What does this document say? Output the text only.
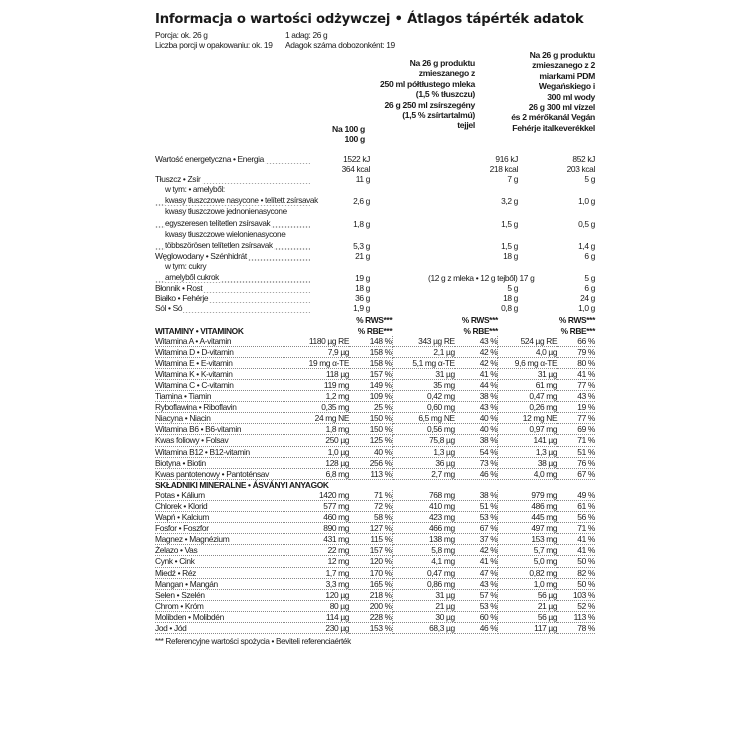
Informacja o wartości odżywczej • Átlagos tápérték adatok
Porcja: ok. 26 g	1 adag: 26 g
Liczba porcji w opakowaniu: ok. 19 Adagok száma dobozonként: 19
Na 100 g
100 g
Na 26 g produktu
zmieszanego z
250 ml półtłustego mleka
(1,5 % tłuszczu)
26 g 250 ml zsírszegény
(1,5 % zsírtartalmú)
tejjel
Na 26 g produktu
zmieszanego z 2
miarkami PDM
Wegańskiego i
300 ml wody
26 g 300 ml vízzel
és 2 mérőkanál Vegán
Fehérje italkeverékkel
Wartość energetyczna • Energia	1522 kJ		916 kJ	852 kJ
	364 kcal		218 kcal	203 kcal
Tłuszcz • Zsír	11 g		7 g	5 g
w tym: • amelyből:				
kwasy tłuszczowe nasycone • telített zsírsavak	2,6 g		3,2 g	1,0 g
kwasy tłuszczowe jednonienasycone				
egyszeresen telítetlen zsírsavak	1,8 g		1,5 g	0,5 g
kwasy tłuszczowe wielonienasycone				
többszörösen telítetlen zsírsavak	5,3 g		1,5 g	1,4 g
Węglowodany • Szénhidrát	21 g		18 g	6 g
w tym: cukry				
amelyből cukrok	19 g		(12 g z mleka • 12 g tejből) 17 g	5 g
Błonnik • Rost	18 g		5 g	6 g
Białko • Fehérje	36 g		18 g	24 g
Sól • Só	1,9 g		0,8 g	1,0 g
		% RWS***		% RWS***		% RWS***
WITAMINY • VITAMINOK		% RBE***		% RBE***		% RBE***
Witamina A • A-vitamin	1180 µg RE	148 %	343 µg RE	43 %	524 µg RE	66 %
Witamina D • D-vitamin	7,9 µg	158 %	2,1 µg	42 %	4,0 µg	79 %
Witamina E • E-vitamin	19 mg α-TE	158 %	5,1 mg α-TE	42 %	9,6 mg α-TE	80 %
Witamina K • K-vitamin	118 µg	157 %	31 µg	41 %	31 µg	41 %
Witamina C • C-vitamin	119 mg	149 %	35 mg	44 %	61 mg	77 %
Tiamina • Tiamin	1,2 mg	109 %	0,42 mg	38 %	0,47 mg	43 %
Ryboflawina • Riboflavin	0,35 mg	25 %	0,60 mg	43 %	0,26 mg	19 %
Niacyna • Niacin	24 mg NE	150 %	6,5 mg NE	40 %	12 mg NE	77 %
Witamina B6 • B6-vitamin	1,8 mg	150 %	0,56 mg	40 %	0,97 mg	69 %
Kwas foliowy • Folsav	250 µg	125 %	75,8 µg	38 %	141 µg	71 %
Witamina B12 • B12-vitamin	1,0 µg	40 %	1,3 µg	54 %	1,3 µg	51 %
Biotyna • Biotin	128 µg	256 %	36 µg	73 %	38 µg	76 %
Kwas pantotenowy • Pantoténsav	6,8 mg	113 %	2,7 mg	46 %	4,0 mg	67 %
SKŁADNIKI MINERALNE • ÁSVÁNYI ANYAGOK						
Potas • Kálium	1420 mg	71 %	768 mg	38 %	979 mg	49 %
Chlorek • Klorid	577 mg	72 %	410 mg	51 %	486 mg	61 %
Wapń • Kalcium	460 mg	58 %	423 mg	53 %	445 mg	56 %
Fosfor • Foszfor	890 mg	127 %	466 mg	67 %	497 mg	71 %
Magnez • Magnézium	431 mg	115 %	138 mg	37 %	153 mg	41 %
Żelazo • Vas	22 mg	157 %	5,8 mg	42 %	5,7 mg	41 %
Cynk • Cink	12 mg	120 %	4,1 mg	41 %	5,0 mg	50 %
Miedź • Réz	1,7 mg	170 %	0,47 mg	47 %	0,82 mg	82 %
Mangan • Mangán	3,3 mg	165 %	0,86 mg	43 %	1,0 mg	50 %
Selen • Szelén	120 µg	218 %	31 µg	57 %	56 µg	103 %
Chrom • Króm	80 µg	200 %	21 µg	53 %	21 µg	52 %
Molibden • Molibdén	114 µg	228 %	30 µg	60 %	56 µg	113 %
Jod • Jód	230 µg	153 %	68,3 µg	46 %	117 µg	78 %
*** Referencyjne wartości spożycia • Beviteli referenciaérték
